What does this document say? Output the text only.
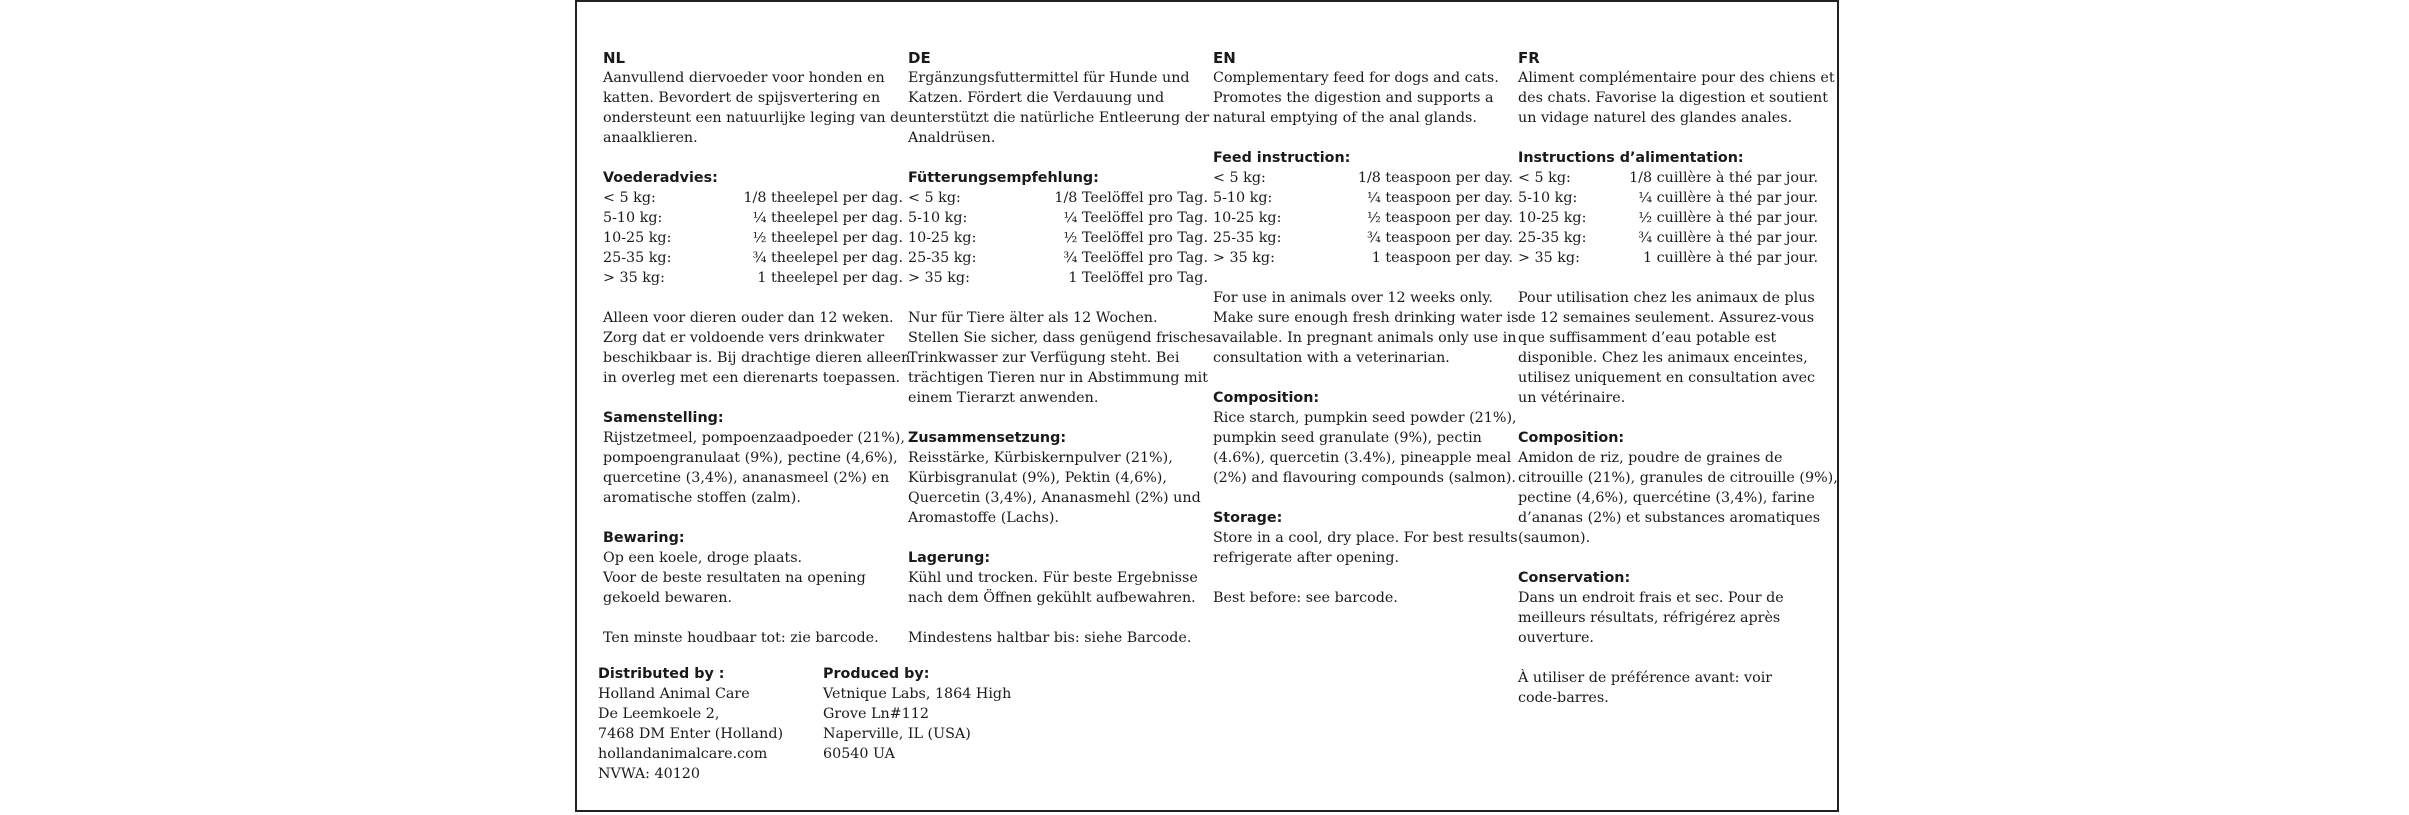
NL
Aanvullend diervoeder voor honden en
katten. Bevordert de spijsvertering en
ondersteunt een natuurlijke leging van de
anaalklieren.
Voederadvies:
< 5 kg:	1/8 theelepel per dag.
5-10 kg:	¼ theelepel per dag.
10-25 kg:	½ theelepel per dag.
25-35 kg:	¾ theelepel per dag.
> 35 kg:	1 theelepel per dag.
Alleen voor dieren ouder dan 12 weken.
Zorg dat er voldoende vers drinkwater
beschikbaar is. Bij drachtige dieren alleen
in overleg met een dierenarts toepassen.
Samenstelling:
Rijstzetmeel, pompoenzaadpoeder (21%),
pompoengranulaat (9%), pectine (4,6%),
quercetine (3,4%), ananasmeel (2%) en
aromatische stoffen (zalm).
Bewaring:
Op een koele, droge plaats.
Voor de beste resultaten na opening
gekoeld bewaren.
Ten minste houdbaar tot: zie barcode.
DE
Ergänzungsfuttermittel für Hunde und
Katzen. Fördert die Verdauung und
unterstützt die natürliche Entleerung der
Analdrüsen.
Fütterungsempfehlung:
< 5 kg:	1/8 Teelöffel pro Tag.
5-10 kg:	¼ Teelöffel pro Tag.
10-25 kg:	½ Teelöffel pro Tag.
25-35 kg:	¾ Teelöffel pro Tag.
> 35 kg:	1 Teelöffel pro Tag.
Nur für Tiere älter als 12 Wochen.
Stellen Sie sicher, dass genügend frisches
Trinkwasser zur Verfügung steht. Bei
trächtigen Tieren nur in Abstimmung mit
einem Tierarzt anwenden.
Zusammensetzung:
Reisstärke, Kürbiskernpulver (21%),
Kürbisgranulat (9%), Pektin (4,6%),
Quercetin (3,4%), Ananasmehl (2%) und
Aromastoffe (Lachs).
Lagerung:
Kühl und trocken. Für beste Ergebnisse
nach dem Öffnen gekühlt aufbewahren.
Mindestens haltbar bis: siehe Barcode.
EN
Complementary feed for dogs and cats.
Promotes the digestion and supports a
natural emptying of the anal glands.
Feed instruction:
< 5 kg:	1/8 teaspoon per day.
5-10 kg:	¼ teaspoon per day.
10-25 kg:	½ teaspoon per day.
25-35 kg:	¾ teaspoon per day.
> 35 kg:	1 teaspoon per day.
For use in animals over 12 weeks only.
Make sure enough fresh drinking water is
available. In pregnant animals only use in
consultation with a veterinarian.
Composition:
Rice starch, pumpkin seed powder (21%),
pumpkin seed granulate (9%), pectin
(4.6%), quercetin (3.4%), pineapple meal
(2%) and flavouring compounds (salmon).
Storage:
Store in a cool, dry place. For best results
refrigerate after opening.
Best before: see barcode.
FR
Aliment complémentaire pour des chiens et
des chats. Favorise la digestion et soutient
un vidage naturel des glandes anales.
Instructions d’alimentation:
< 5 kg:	1/8 cuillère à thé par jour.
5-10 kg:	¼ cuillère à thé par jour.
10-25 kg:	½ cuillère à thé par jour.
25-35 kg:	¾ cuillère à thé par jour.
> 35 kg:	1 cuillère à thé par jour.
Pour utilisation chez les animaux de plus
de 12 semaines seulement. Assurez-vous
que suffisamment d’eau potable est
disponible. Chez les animaux enceintes,
utilisez uniquement en consultation avec
un vétérinaire.
Composition:
Amidon de riz, poudre de graines de
citrouille (21%), granules de citrouille (9%),
pectine (4,6%), quercétine (3,4%), farine
d’ananas (2%) et substances aromatiques
(saumon).
Conservation:
Dans un endroit frais et sec. Pour de
meilleurs résultats, réfrigérez après
ouverture.
À utiliser de préférence avant: voir
code-barres.
Distributed by :
Holland Animal Care
De Leemkoele 2,
7468 DM Enter (Holland)
hollandanimalcare.com
NVWA: 40120
Produced by:
Vetnique Labs, 1864 High
Grove Ln#112
Naperville, IL (USA)
60540 UA
